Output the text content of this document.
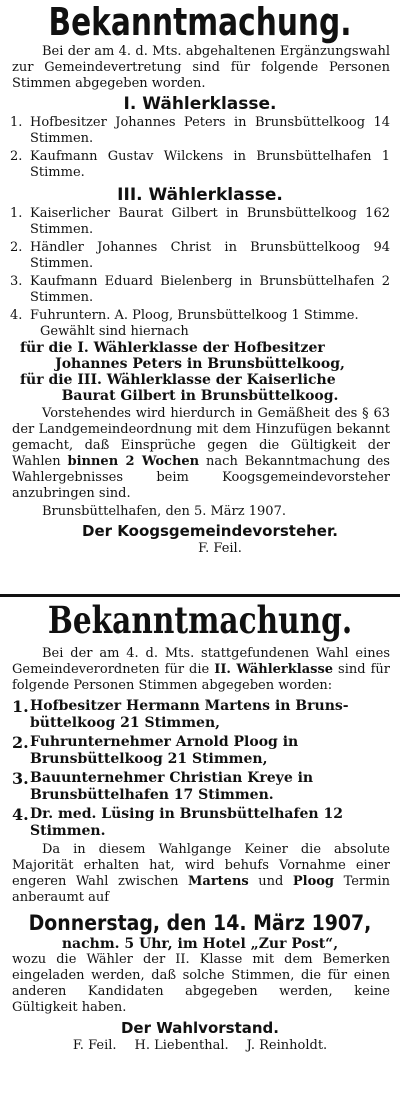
Bekanntmachung.
Bei der am 4. d. Mts. abgehaltenen Ergänzungswahl zur Gemeindevertretung sind für folgende Personen Stimmen abgegeben worden.
I. Wählerklasse.
1. Hofbesitzer Johannes Peters in Brunsbüttelkoog 14 Stimmen.
2. Kaufmann Gustav Wilckens in Brunsbüttelhafen 1 Stimme.
III. Wählerklasse.
1. Kaiserlicher Baurat Gilbert in Brunsbüttelkoog 162 Stimmen.
2. Händler Johannes Christ in Brunsbüttelkoog 94 Stimmen.
3. Kaufmann Eduard Bielenberg in Brunsbüttelhafen 2 Stimmen.
4. Fuhruntern. A. Ploog, Brunsbüttelkoog 1 Stimme.
Gewählt sind hiernach
für die I. Wählerklasse der Hofbesitzer
Johannes Peters in Brunsbüttelkoog,
für die III. Wählerklasse der Kaiserliche
Baurat Gilbert in Brunsbüttelkoog.
Vorstehendes wird hierdurch in Gemäßheit des § 63 der Landgemeindeordnung mit dem Hinzufügen bekannt gemacht, daß Einsprüche gegen die Gültigkeit der Wahlen binnen 2 Wochen nach Bekanntmachung des Wahlergebnisses beim Koogsgemeindevorsteher anzubringen sind.
Brunsbüttelhafen, den 5. März 1907.
Der Koogsgemeindevorsteher.
F. Feil.
Bekanntmachung.
Bei der am 4. d. Mts. stattgefundenen Wahl eines Gemeindeverordneten für die II. Wählerklasse sind für folgende Personen Stimmen abgegeben worden:
1. Hofbesitzer Hermann Martens in Brunsbüttelkoog 21 Stimmen,
2. Fuhrunternehmer Arnold Ploog in Brunsbüttelkoog 21 Stimmen,
3. Bauunternehmer Christian Kreye in Brunsbüttelhafen 17 Stimmen.
4. Dr. med. Lüsing in Brunsbüttelhafen 12 Stimmen.
Da in diesem Wahlgange Keiner die absolute Majorität erhalten hat, wird behufs Vornahme einer engeren Wahl zwischen Martens und Ploog Termin anberaumt auf
Donnerstag, den 14. März 1907,
nachm. 5 Uhr, im Hotel „Zur Post“,
wozu die Wähler der II. Klasse mit dem Bemerken eingeladen werden, daß solche Stimmen, die für einen anderen Kandidaten abgegeben werden, keine Gültigkeit haben.
Der Wahlvorstand.
F. Feil. H. Liebenthal. J. Reinholdt.
